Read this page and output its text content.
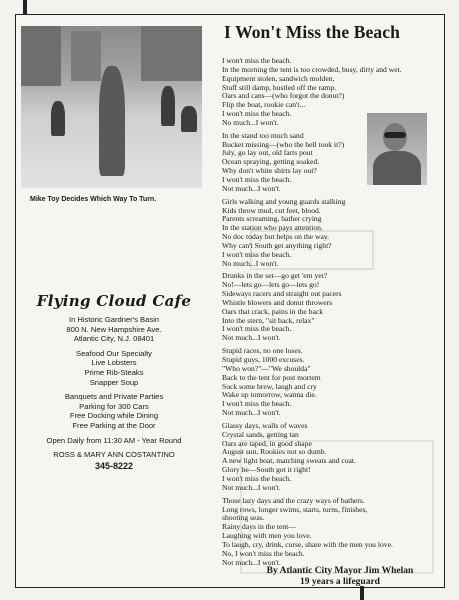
Mike Toy Decides Which Way To Turn.
Flying Cloud Cafe
In Historic Gardner's Basin
800 N. New Hampshire Ave.
Atlantic City, N.J. 08401
Seafood Our Specialty
Live Lobsters
Prime Rib-Steaks
Snapper Soup
Banquets and Private Parties
Parking for 300 Cars
Free Docking while Dining
Free Parking at the Door
Open Daily from 11:30 AM - Year Round
ROSS & MARY ANN COSTANTINO
345-8222
I Won't Miss the Beach
I won't miss the beach.
In the morning the tent is too crowded, busy, dirty and wet.
Equipment stolen, sandwich molden,
Stuff still damp, hustled off the ramp.
Oars and cans—(who forgot the donut?)
Flip the boat, rookie can't...
I won't miss the beach.
No much...I won't.
In the stand too much sand
Bucket missing—(who the hell took it?)
July, go lay out, old farts pout
Ocean spraying, getting soaked.
Why don't white shirts lay out?
I won't miss the beach.
Not much...I won't.
Girls walking and young guards stalking
Kids throw mud, cut feet, blood.
Parents screaming, bather crying
In the station who pays attention.
No doc today but helps on the way.
Why can't South get anything right?
I won't miss the beach.
No much...I won't.
Drunks in the set—go get 'em yet?
No!—lets go—lets go—lets go!
Sideways racers and straight out pacers
Whistle blowers and donut throwers
Oars that crack, pains in the back
Into the stern, "sit back, relax"
I won't miss the beach.
Not much...I won't.
Stupid races, no one loses.
Stupid guys, 1000 excuses.
"Who won?"—"We shoulda"
Back to the tent for post mortem
Suck some brew, laugh and cry
Wake up tomorrow, wanna die.
I won't miss the beach.
Not much...I won't.
Glassy days, walls of waves
Crystal sands, getting tan
Oars are taped, in good shape
August sun, Rookies not so dumb.
A new light boat, matching sweats and coat.
Glory be—South got it right!
I won't miss the beach.
Not much...I won't.
Those lazy days and the crazy ways of bathers.
Long rows, longer swims, starts, turns, finishes,
shooting seas.
Rainy days in the tent—
Laughing with men you love.
To laugh, cry, drink, curse, share with the men you love.
No, I won't miss the beach.
Not much...I won't.
By Atlantic City Mayor Jim Whelan
19 years a lifeguard
